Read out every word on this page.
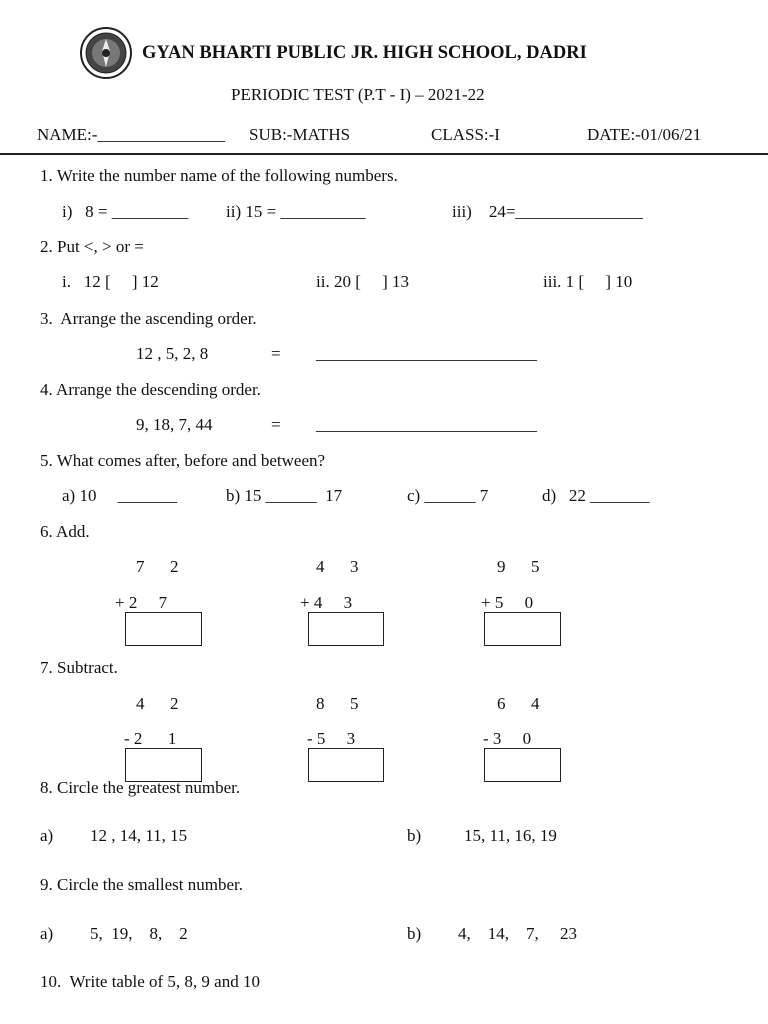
GYAN BHARTI PUBLIC JR. HIGH SCHOOL, DADRI
PERIODIC TEST (P.T - I) – 2021-22
NAME:-_______________ SUB:-MATHS	CLASS:-I	DATE:-01/06/21
1. Write the number name of the following numbers.
i)   8 = _________ ii) 15 = __________	iii)    24=_______________
2. Put <, > or =
i.   12 [     ] 12	ii. 20 [     ] 13	iii. 1 [     ] 10
3.  Arrange the ascending order.
12 , 5, 2, 8	= __________________________
4. Arrange the descending order.
9, 18, 7, 44	= __________________________
5. What comes after, before and between?
a) 10     _______	b) 15 ______  17	c) ______ 7	d)   22 _______
6. Add.
7      2
+ 2     7
4      3
+ 4     3
9      5
+ 5     0
7. Subtract.
4      2
- 2      1
8      5
- 5     3
6      4
- 3     0
8. Circle the greatest number.
a) 12 , 14, 11, 15	b)	15, 11, 16, 19
9. Circle the smallest number.
a) 5,  19,    8,    2	b) 4,    14,    7,     23
10.  Write table of 5, 8, 9 and 10
